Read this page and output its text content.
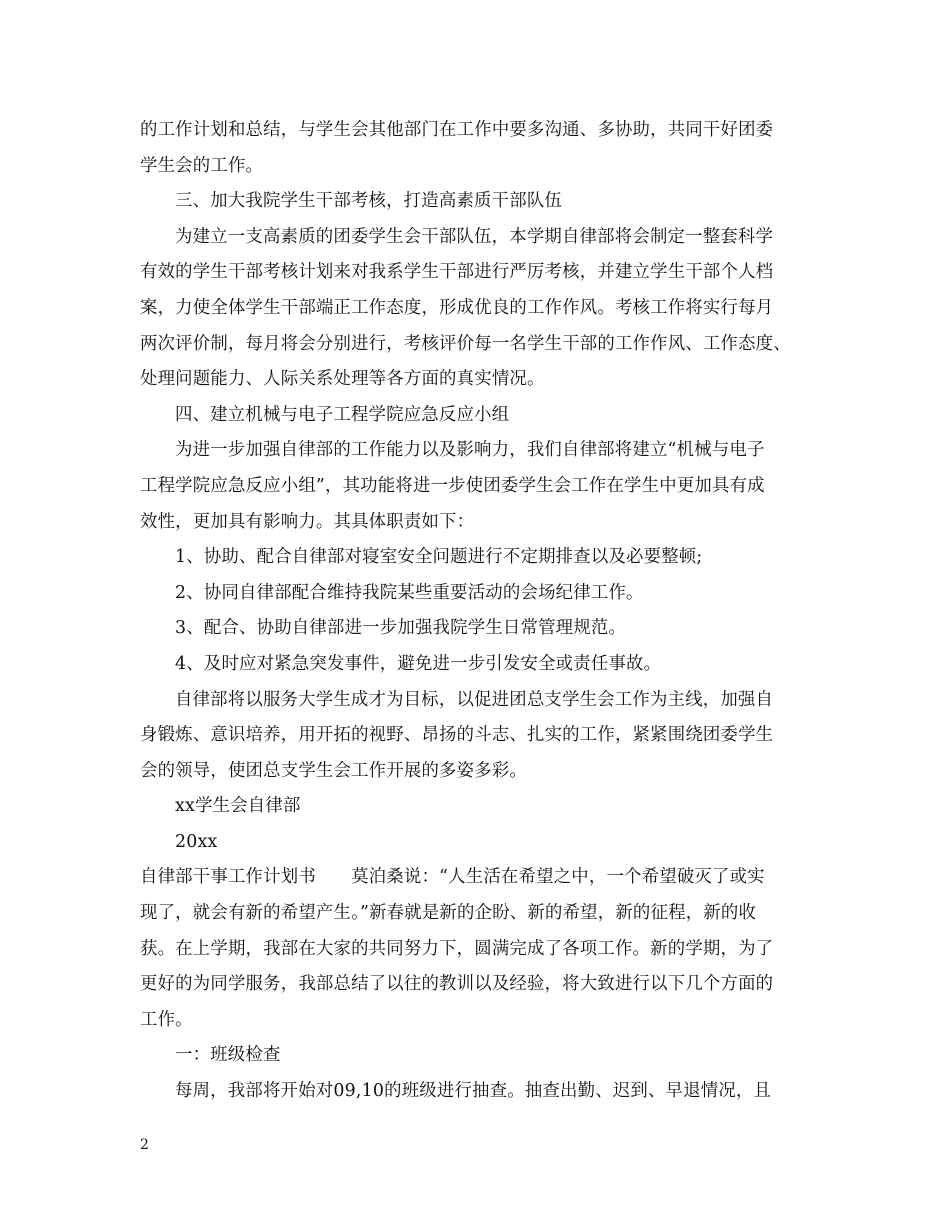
的工作计划和总结，与学生会其他部门在工作中要多沟通、多协助，共同干好团委
学生会的工作。
三、加大我院学生干部考核，打造高素质干部队伍
为建立一支高素质的团委学生会干部队伍，本学期自律部将会制定一整套科学
有效的学生干部考核计划来对我系学生干部进行严厉考核，并建立学生干部个人档
案，力使全体学生干部端正工作态度，形成优良的工作作风。考核工作将实行每月
两次评价制，每月将会分别进行，考核评价每一名学生干部的工作作风、工作态度、
处理问题能力、人际关系处理等各方面的真实情况。
四、建立机械与电子工程学院应急反应小组
为进一步加强自律部的工作能力以及影响力，我们自律部将建立“机械与电子
工程学院应急反应小组”，其功能将进一步使团委学生会工作在学生中更加具有成
效性，更加具有影响力。其具体职责如下：
1、协助、配合自律部对寝室安全问题进行不定期排查以及必要整顿;
2、协同自律部配合维持我院某些重要活动的会场纪律工作。
3、配合、协助自律部进一步加强我院学生日常管理规范。
4、及时应对紧急突发事件，避免进一步引发安全或责任事故。
自律部将以服务大学生成才为目标，以促进团总支学生会工作为主线，加强自
身锻炼、意识培养，用开拓的视野、昂扬的斗志、扎实的工作，紧紧围绕团委学生
会的领导，使团总支学生会工作开展的多姿多彩。
xx学生会自律部
20xx
自律部干事工作计划书　　莫泊桑说：“人生活在希望之中，一个希望破灭了或实
现了，就会有新的希望产生。”新春就是新的企盼、新的希望，新的征程，新的收
获。在上学期，我部在大家的共同努力下，圆满完成了各项工作。新的学期，为了
更好的为同学服务，我部总结了以往的教训以及经验，将大致进行以下几个方面的
工作。
一：班级检查
每周，我部将开始对09,10的班级进行抽查。抽查出勤、迟到、早退情况，且
2
